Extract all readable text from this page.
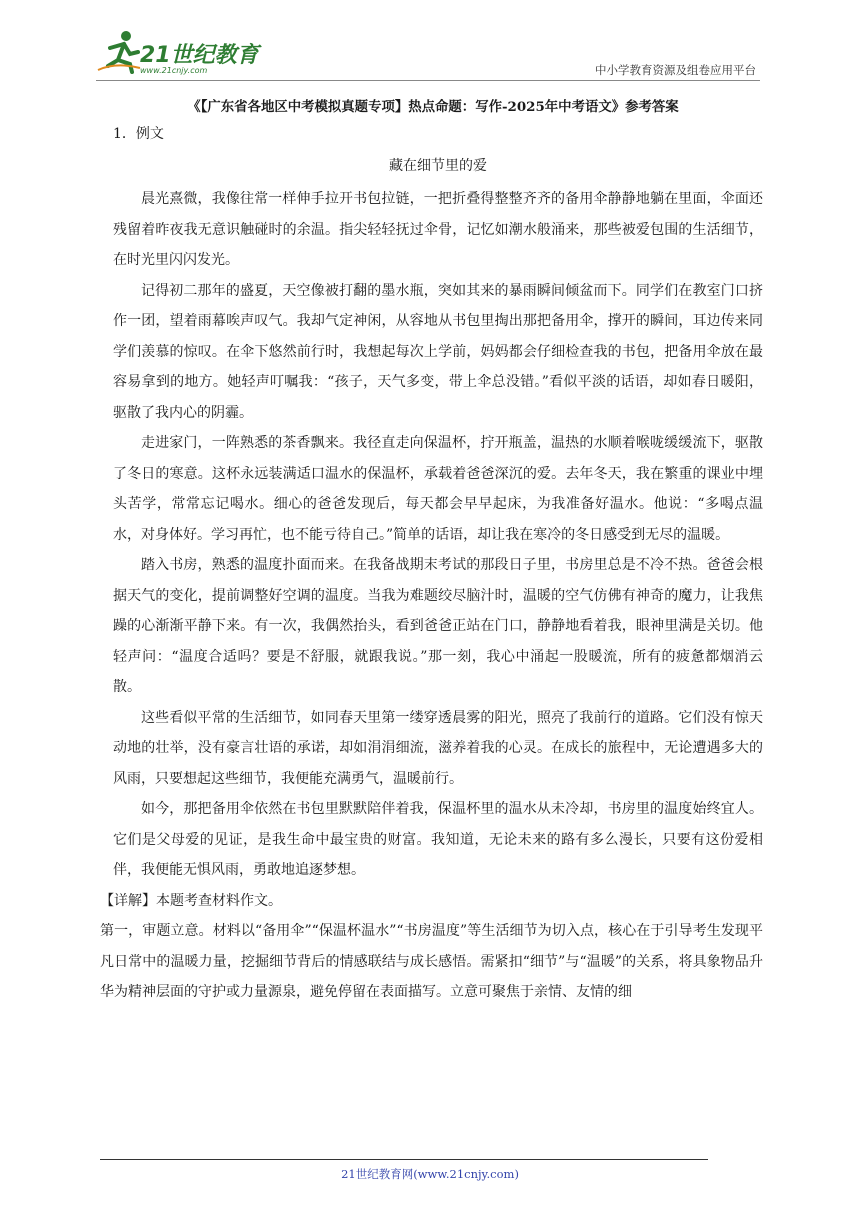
21世纪教育
www.21cnjy.com	中小学教育资源及组卷应用平台

《【广东省各地区中考模拟真题专项】热点命题：写作-2025年中考语文》参考答案

1．例文

藏在细节里的爱

晨光熹微，我像往常一样伸手拉开书包拉链，一把折叠得整整齐齐的备用伞静静地躺在里面，伞面还残留着昨夜我无意识触碰时的余温。指尖轻轻抚过伞骨，记忆如潮水般涌来，那些被爱包围的生活细节，在时光里闪闪发光。

记得初二那年的盛夏，天空像被打翻的墨水瓶，突如其来的暴雨瞬间倾盆而下。同学们在教室门口挤作一团，望着雨幕唉声叹气。我却气定神闲，从容地从书包里掏出那把备用伞，撑开的瞬间，耳边传来同学们羡慕的惊叹。在伞下悠然前行时，我想起每次上学前，妈妈都会仔细检查我的书包，把备用伞放在最容易拿到的地方。她轻声叮嘱我：“孩子，天气多变，带上伞总没错。”看似平淡的话语，却如春日暖阳，驱散了我内心的阴霾。

走进家门，一阵熟悉的茶香飘来。我径直走向保温杯，拧开瓶盖，温热的水顺着喉咙缓缓流下，驱散了冬日的寒意。这杯永远装满适口温水的保温杯，承载着爸爸深沉的爱。去年冬天，我在繁重的课业中埋头苦学，常常忘记喝水。细心的爸爸发现后，每天都会早早起床，为我准备好温水。他说：“多喝点温水，对身体好。学习再忙，也不能亏待自己。”简单的话语，却让我在寒冷的冬日感受到无尽的温暖。

踏入书房，熟悉的温度扑面而来。在我备战期末考试的那段日子里，书房里总是不冷不热。爸爸会根据天气的变化，提前调整好空调的温度。当我为难题绞尽脑汁时，温暖的空气仿佛有神奇的魔力，让我焦躁的心渐渐平静下来。有一次，我偶然抬头，看到爸爸正站在门口，静静地看着我，眼神里满是关切。他轻声问：“温度合适吗？要是不舒服，就跟我说。”那一刻，我心中涌起一股暖流，所有的疲惫都烟消云散。

这些看似平常的生活细节，如同春天里第一缕穿透晨雾的阳光，照亮了我前行的道路。它们没有惊天动地的壮举，没有豪言壮语的承诺，却如涓涓细流，滋养着我的心灵。在成长的旅程中，无论遭遇多大的风雨，只要想起这些细节，我便能充满勇气，温暖前行。

如今，那把备用伞依然在书包里默默陪伴着我，保温杯里的温水从未冷却，书房里的温度始终宜人。它们是父母爱的见证，是我生命中最宝贵的财富。我知道，无论未来的路有多么漫长，只要有这份爱相伴，我便能无惧风雨，勇敢地追逐梦想。

【详解】本题考查材料作文。

第一，审题立意。材料以“备用伞”“保温杯温水”“书房温度”等生活细节为切入点，核心在于引导考生发现平凡日常中的温暖力量，挖掘细节背后的情感联结与成长感悟。需紧扣“细节”与“温暖”的关系，将具象物品升华为精神层面的守护或力量源泉，避免停留在表面描写。立意可聚焦于亲情、友情的细

21世纪教育网(www.21cnjy.com)
